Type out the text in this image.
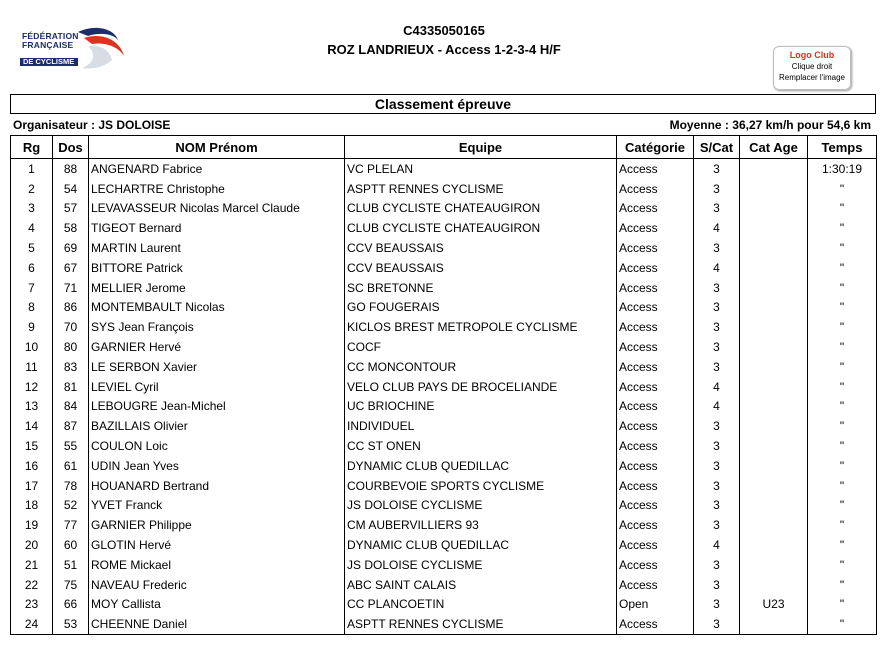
FÉDÉRATION
FRANÇAISE
DE CYCLISME
C4335050165
ROZ LANDRIEUX - Access 1-2-3-4 H/F	Logo Club
Clique droit
Remplacer l'image
Classement épreuve
Organisateur : JS DOLOISE	Moyenne : 36,27 km/h pour 54,6 km
Rg	Dos	NOM Prénom	Equipe	Catégorie	S/Cat	Cat Age	Temps
1	88	ANGENARD Fabrice	VC PLELAN	Access	3		1:30:19
2	54	LECHARTRE Christophe	ASPTT RENNES CYCLISME	Access	3		"
3	57	LEVAVASSEUR Nicolas Marcel Claude	CLUB CYCLISTE CHATEAUGIRON	Access	3		"
4	58	TIGEOT Bernard	CLUB CYCLISTE CHATEAUGIRON	Access	4		"
5	69	MARTIN Laurent	CCV BEAUSSAIS	Access	3		"
6	67	BITTORE Patrick	CCV BEAUSSAIS	Access	4		"
7	71	MELLIER Jerome	SC BRETONNE	Access	3		"
8	86	MONTEMBAULT Nicolas	GO FOUGERAIS	Access	3		"
9	70	SYS Jean François	KICLOS BREST METROPOLE CYCLISME	Access	3		"
10	80	GARNIER Hervé	COCF	Access	3		"
11	83	LE SERBON Xavier	CC MONCONTOUR	Access	3		"
12	81	LEVIEL Cyril	VELO CLUB PAYS DE BROCELIANDE	Access	4		"
13	84	LEBOUGRE Jean-Michel	UC BRIOCHINE	Access	4		"
14	87	BAZILLAIS Olivier	INDIVIDUEL	Access	3		"
15	55	COULON Loic	CC ST ONEN	Access	3		"
16	61	UDIN Jean Yves	DYNAMIC CLUB QUEDILLAC	Access	3		"
17	78	HOUANARD Bertrand	COURBEVOIE SPORTS CYCLISME	Access	3		"
18	52	YVET Franck	JS DOLOISE CYCLISME	Access	3		"
19	77	GARNIER Philippe	CM AUBERVILLIERS 93	Access	3		"
20	60	GLOTIN Hervé	DYNAMIC CLUB QUEDILLAC	Access	4		"
21	51	ROME Mickael	JS DOLOISE CYCLISME	Access	3		"
22	75	NAVEAU Frederic	ABC SAINT CALAIS	Access	3		"
23	66	MOY Callista	CC PLANCOETIN	Open	3	U23	"
24	53	CHEENNE Daniel	ASPTT RENNES CYCLISME	Access	3		"
